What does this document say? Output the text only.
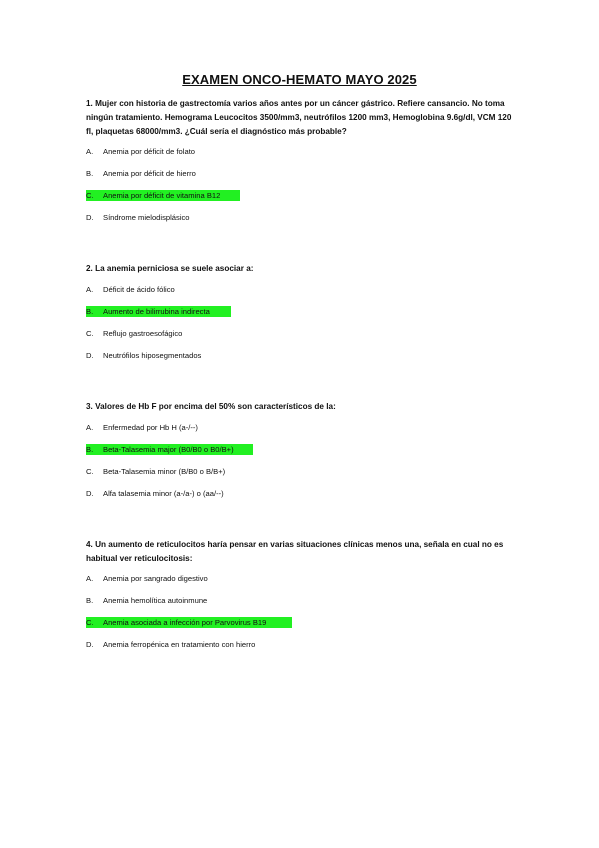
EXAMEN ONCO-HEMATO MAYO 2025
1. Mujer con historia de gastrectomía varios años antes por un cáncer gástrico. Refiere cansancio. No toma ningún tratamiento. Hemograma Leucocitos 3500/mm3, neutrófilos 1200 mm3, Hemoglobina 9.6g/dl, VCM 120 fl, plaquetas 68000/mm3. ¿Cuál sería el diagnóstico más probable?
A. Anemia por déficit de folato
B. Anemia por déficit de hierro
C. Anemia por déficit de vitamina B12
D. Síndrome mielodisplásico
2. La anemia perniciosa se suele asociar a:
A. Déficit de ácido fólico
B. Aumento de bilirrubina indirecta
C. Reflujo gastroesofágico
D. Neutrófilos hiposegmentados
3. Valores de Hb F por encima del 50% son característicos de la:
A. Enfermedad por Hb H (a-/--)
B. Beta-Talasemia major (B0/B0 o B0/B+)
C. Beta-Talasemia minor (B/B0 o B/B+)
D. Alfa talasemia minor (a-/a-) o (aa/--)
4. Un aumento de reticulocitos haría pensar en varias situaciones clínicas menos una, señala en cual no es habitual ver reticulocitosis:
A. Anemia por sangrado digestivo
B. Anemia hemolítica autoinmune
C. Anemia asociada a infección por Parvovirus B19
D. Anemia ferropénica en tratamiento con hierro
